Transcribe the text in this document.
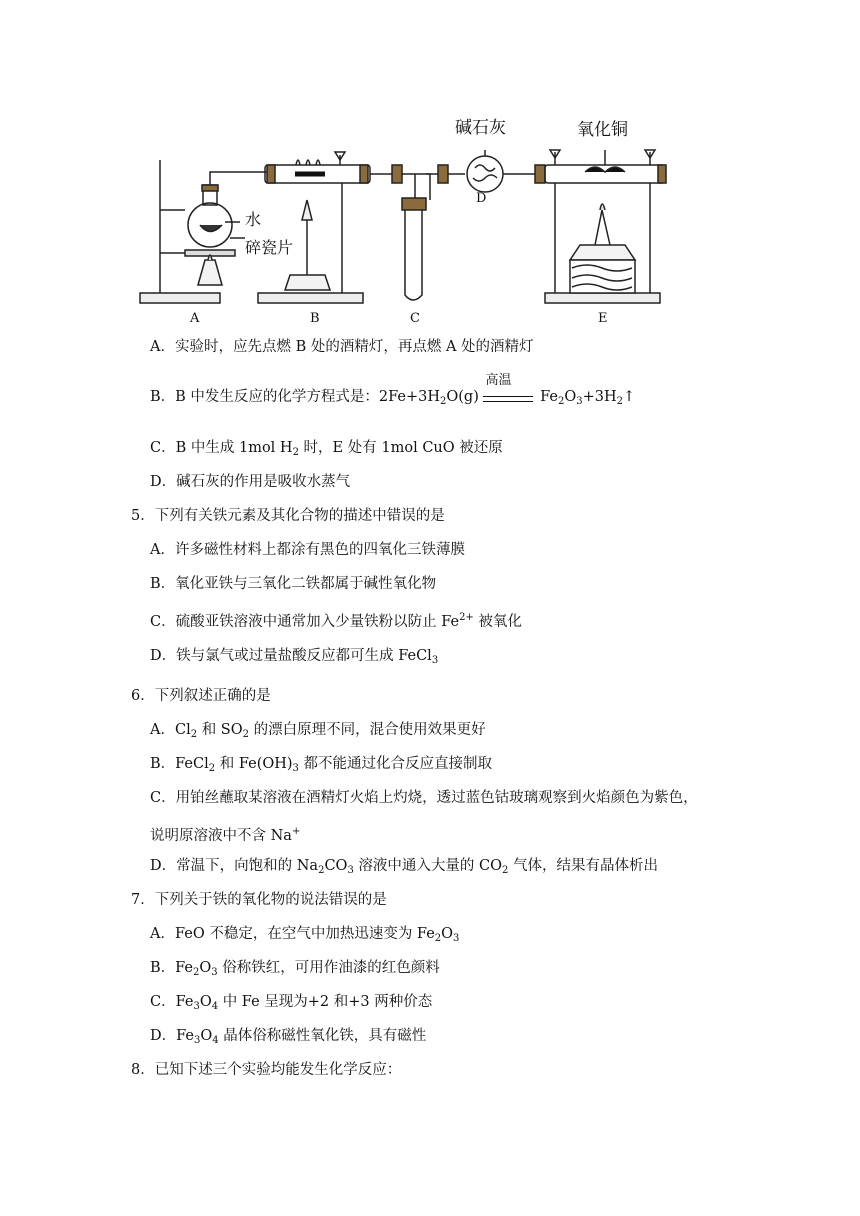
碱石灰	氧化铜
水
碎瓷片
D
A	B	C	E
A．实验时，应先点燃 B 处的酒精灯，再点燃 A 处的酒精灯
B．B 中发生反应的化学方程式是：$2Fe+3H_2O(g)$
高温
$Fe_2O_3+3H_2↑$
C．B 中生成 1mol $H_2$ 时，E 处有 1mol CuO 被还原
D．碱石灰的作用是吸收水蒸气
5．下列有关铁元素及其化合物的描述中错误的是
A．许多磁性材料上都涂有黑色的四氧化三铁薄膜
B．氧化亚铁与三氧化二铁都属于碱性氧化物
C．硫酸亚铁溶液中通常加入少量铁粉以防止 $Fe^{2+}$ 被氧化
D．铁与氯气或过量盐酸反应都可生成 FeCl$_3$
6．下列叙述正确的是
A．$Cl_2$ 和 $SO_2$ 的漂白原理不同，混合使用效果更好
B．FeCl$_2$ 和 $Fe(OH)_3$ 都不能通过化合反应直接制取
C．用铂丝蘸取某溶液在酒精灯火焰上灼烧，透过蓝色钴玻璃观察到火焰颜色为紫色，
说明原溶液中不含 Na+
D．常温下，向饱和的 $Na_2CO_3$ 溶液中通入大量的 $CO_2$ 气体，结果有晶体析出
7．下列关于铁的氧化物的说法错误的是
A．FeO 不稳定，在空气中加热迅速变为 $Fe_2O_3$
B．$Fe_2O_3$ 俗称铁红，可用作油漆的红色颜料
C．$Fe_3O_4$ 中 Fe 呈现为+2 和+3 两种价态
D．$Fe_3O_4$ 晶体俗称磁性氧化铁，具有磁性
8．已知下述三个实验均能发生化学反应：
